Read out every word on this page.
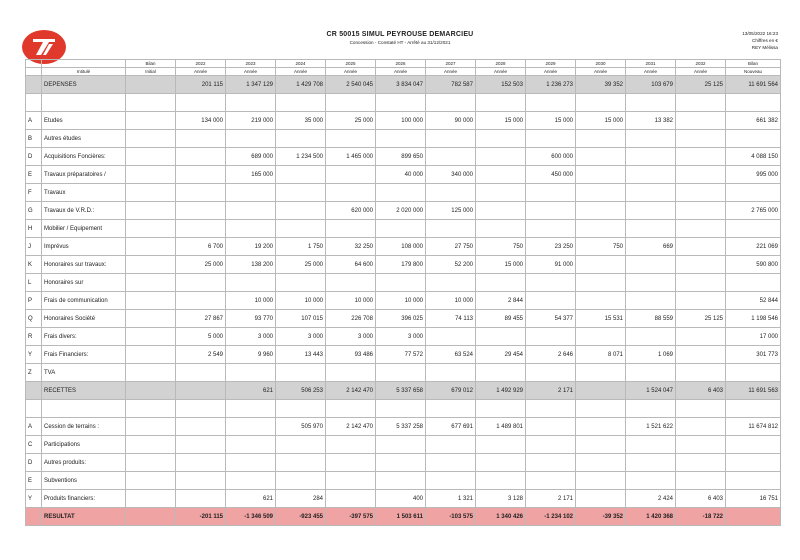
CR 50015 SIMUL PEYROUSE DEMARCIEU
Concession - Constaté HT - Arrêté au 31/12/2021
13/05/2022 16:23
Chiffres en €
REY Mélissa
		Bilan	2022	2023	2024	2025	2026	2027	2028	2029	2030	2031	2032	Bilan
	Intitulé	Initial	Année	Année	Année	Année	Année	Année	Année	Année	Année	Année	Année	Nouveau
	DEPENSES		201 115	1 347 129	1 429 708	2 540 045	3 834 047	782 587	152 503	1 236 273	39 352	103 679	25 125	11 691 564

A	Etudes		134 000	219 000	35 000	25 000	100 000	90 000	15 000	15 000	15 000	13 382		661 382
B	Autres études													
D	Acquisitions Foncières:			689 000	1 234 500	1 465 000	899 650			600 000				4 088 150
E	Travaux préparatoires /			165 000			40 000	340 000		450 000				995 000
F	Travaux													
G	Travaux de V.R.D.:					620 000	2 020 000	125 000						2 765 000
H	Mobilier / Equipement													
J	Imprévus		6 700	19 200	1 750	32 250	108 000	27 750	750	23 250	750	669		221 069
K	Honoraires sur travaux:		25 000	138 200	25 000	64 600	179 800	52 200	15 000	91 000				590 800
L	Honoraires sur													
P	Frais de communication			10 000	10 000	10 000	10 000	10 000	2 844					52 844
Q	Honoraires Société		27 867	93 770	107 015	226 708	396 025	74 113	89 455	54 377	15 531	88 559	25 125	1 198 546
R	Frais divers:		5 000	3 000	3 000	3 000	3 000							17 000
Y	Frais Financiers:		2 549	9 960	13 443	93 486	77 572	63 524	29 454	2 646	8 071	1 069		301 773
Z	TVA													
	RECETTES			621	506 253	2 142 470	5 337 658	679 012	1 492 929	2 171		1 524 047	6 403	11 691 563

A	Cession de terrains :				505 970	2 142 470	5 337 258	677 691	1 489 801			1 521 622		11 674 812
C	Participations													
D	Autres produits:													
E	Subventions													
Y	Produits financiers:			621	284		400	1 321	3 128	2 171		2 424	6 403	16 751
	RESULTAT		-201 115	-1 346 509	-923 455	-397 575	1 503 611	-103 575	1 340 426	-1 234 102	-39 352	1 420 368	-18 722	
